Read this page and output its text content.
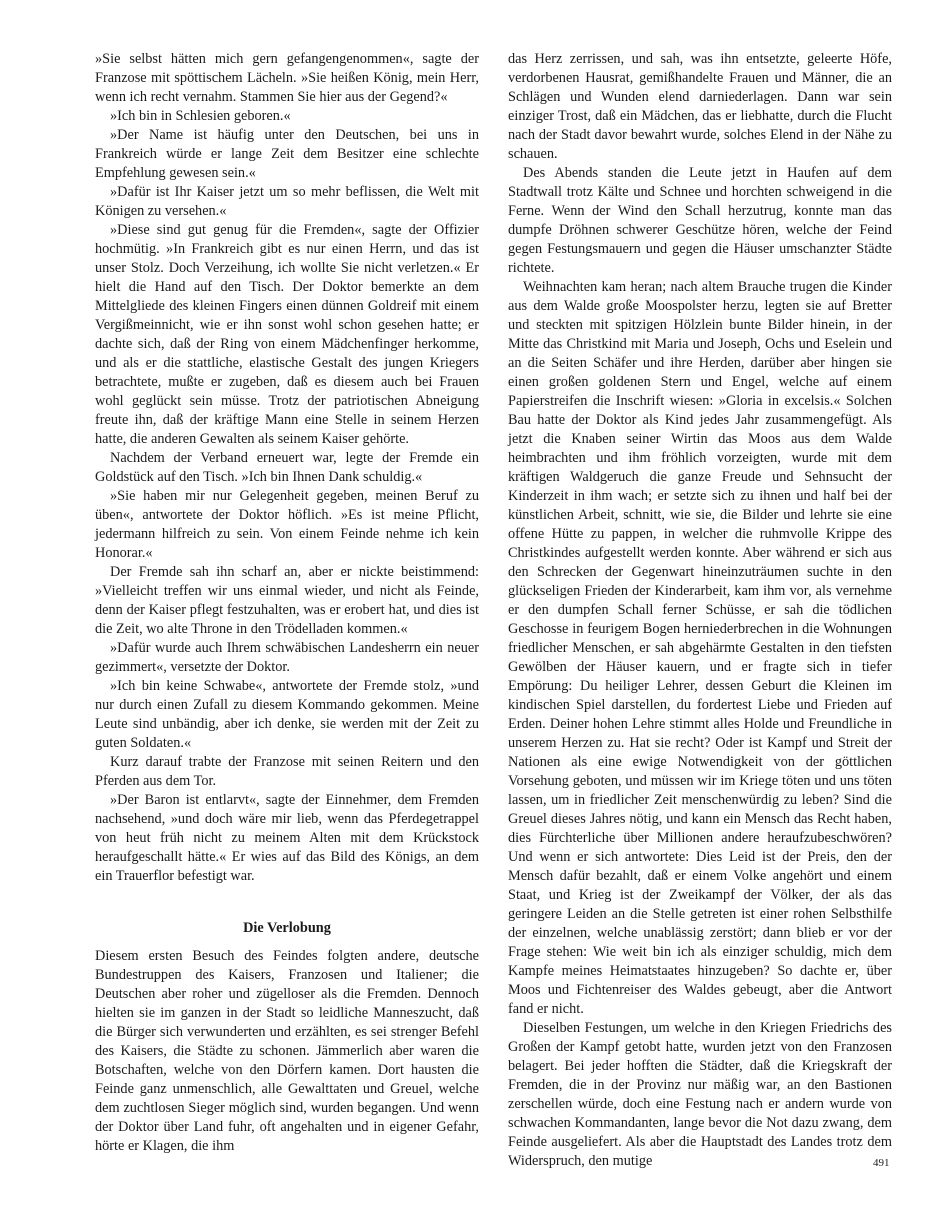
»Sie selbst hätten mich gern gefangengenommen«, sagte der Franzose mit spöttischem Lächeln. »Sie heißen König, mein Herr, wenn ich recht vernahm. Stammen Sie hier aus der Gegend?«

»Ich bin in Schlesien geboren.«

»Der Name ist häufig unter den Deutschen, bei uns in Frankreich würde er lange Zeit dem Besitzer eine schlechte Empfehlung gewesen sein.«

»Dafür ist Ihr Kaiser jetzt um so mehr beflissen, die Welt mit Königen zu versehen.«

»Diese sind gut genug für die Fremden«, sagte der Offizier hochmütig. »In Frankreich gibt es nur einen Herrn, und das ist unser Stolz. Doch Verzeihung, ich wollte Sie nicht verletzen.« Er hielt die Hand auf den Tisch. Der Doktor bemerkte an dem Mittelgliede des kleinen Fingers einen dünnen Goldreif mit einem Vergißmeinnicht, wie er ihn sonst wohl schon gesehen hatte; er dachte sich, daß der Ring von einem Mädchenfinger herkomme, und als er die stattliche, elastische Gestalt des jungen Kriegers betrachtete, mußte er zugeben, daß es diesem auch bei Frauen wohl geglückt sein müsse. Trotz der patriotischen Abneigung freute ihn, daß der kräftige Mann eine Stelle in seinem Herzen hatte, die anderen Gewalten als seinem Kaiser gehörte.

Nachdem der Verband erneuert war, legte der Fremde ein Goldstück auf den Tisch. »Ich bin Ihnen Dank schuldig.«

»Sie haben mir nur Gelegenheit gegeben, meinen Beruf zu üben«, antwortete der Doktor höflich. »Es ist meine Pflicht, jedermann hilfreich zu sein. Von einem Feinde nehme ich kein Honorar.«

Der Fremde sah ihn scharf an, aber er nickte beistimmend: »Vielleicht treffen wir uns einmal wieder, und nicht als Feinde, denn der Kaiser pflegt festzuhalten, was er erobert hat, und dies ist die Zeit, wo alte Throne in den Trödelladen kommen.«

»Dafür wurde auch Ihrem schwäbischen Landesherrn ein neuer gezimmert«, versetzte der Doktor.

»Ich bin keine Schwabe«, antwortete der Fremde stolz, »und nur durch einen Zufall zu diesem Kommando gekommen. Meine Leute sind unbändig, aber ich denke, sie werden mit der Zeit zu guten Soldaten.«

Kurz darauf trabte der Franzose mit seinen Reitern und den Pferden aus dem Tor.

»Der Baron ist entlarvt«, sagte der Einnehmer, dem Fremden nachsehend, »und doch wäre mir lieb, wenn das Pferdegetrappel von heut früh nicht zu meinem Alten mit dem Krückstock heraufgeschallt hätte.« Er wies auf das Bild des Königs, an dem ein Trauerflor befestigt war.

Die Verlobung

Diesem ersten Besuch des Feindes folgten andere, deutsche Bundestruppen des Kaisers, Franzosen und Italiener; die Deutschen aber roher und zügelloser als die Fremden. Dennoch hielten sie im ganzen in der Stadt so leidliche Manneszucht, daß die Bürger sich verwunderten und erzählten, es sei strenger Befehl des Kaisers, die Städte zu schonen. Jämmerlich aber waren die Botschaften, welche von den Dörfern kamen. Dort hausten die Feinde ganz unmenschlich, alle Gewalttaten und Greuel, welche dem zuchtlosen Sieger möglich sind, wurden begangen. Und wenn der Doktor über Land fuhr, oft angehalten und in eigener Gefahr, hörte er Klagen, die ihm

das Herz zerrissen, und sah, was ihn entsetzte, geleerte Höfe, verdorbenen Hausrat, gemißhandelte Frauen und Männer, die an Schlägen und Wunden elend darniederlagen. Dann war sein einziger Trost, daß ein Mädchen, das er liebhatte, durch die Flucht nach der Stadt davor bewahrt wurde, solches Elend in der Nähe zu schauen.

Des Abends standen die Leute jetzt in Haufen auf dem Stadtwall trotz Kälte und Schnee und horchten schweigend in die Ferne. Wenn der Wind den Schall herzutrug, konnte man das dumpfe Dröhnen schwerer Geschütze hören, welche der Feind gegen Festungsmauern und gegen die Häuser umschanzter Städte richtete.

Weihnachten kam heran; nach altem Brauche trugen die Kinder aus dem Walde große Moospolster herzu, legten sie auf Bretter und steckten mit spitzigen Hölzlein bunte Bilder hinein, in der Mitte das Christkind mit Maria und Joseph, Ochs und Eselein und an die Seiten Schäfer und ihre Herden, darüber aber hingen sie einen großen goldenen Stern und Engel, welche auf einem Papierstreifen die Inschrift wiesen: »Gloria in excelsis.« Solchen Bau hatte der Doktor als Kind jedes Jahr zusammengefügt. Als jetzt die Knaben seiner Wirtin das Moos aus dem Walde heimbrachten und ihm fröhlich vorzeigten, wurde mit dem kräftigen Waldgeruch die ganze Freude und Sehnsucht der Kinderzeit in ihm wach; er setzte sich zu ihnen und half bei der künstlichen Arbeit, schnitt, wie sie, die Bilder und lehrte sie eine offene Hütte zu pappen, in welcher die ruhmvolle Krippe des Christkindes aufgestellt werden konnte. Aber während er sich aus den Schrecken der Gegenwart hineinzuträumen suchte in den glückseligen Frieden der Kinderarbeit, kam ihm vor, als vernehme er den dumpfen Schall ferner Schüsse, er sah die tödlichen Geschosse in feurigem Bogen herniederbrechen in die Wohnungen friedlicher Menschen, er sah abgehärmte Gestalten in den tiefsten Gewölben der Häuser kauern, und er fragte sich in tiefer Empörung: Du heiliger Lehrer, dessen Geburt die Kleinen im kindischen Spiel darstellen, du fordertest Liebe und Frieden auf Erden. Deiner hohen Lehre stimmt alles Holde und Freundliche in unserem Herzen zu. Hat sie recht? Oder ist Kampf und Streit der Nationen als eine ewige Notwendigkeit von der göttlichen Vorsehung geboten, und müssen wir im Kriege töten und uns töten lassen, um in friedlicher Zeit menschenwürdig zu leben? Sind die Greuel dieses Jahres nötig, und kann ein Mensch das Recht haben, dies Fürchterliche über Millionen andere heraufzubeschwören? Und wenn er sich antwortete: Dies Leid ist der Preis, den der Mensch dafür bezahlt, daß er einem Volke angehört und einem Staat, und Krieg ist der Zweikampf der Völker, der als das geringere Leiden an die Stelle getreten ist einer rohen Selbsthilfe der einzelnen, welche unablässig zerstört; dann blieb er vor der Frage stehen: Wie weit bin ich als einziger schuldig, mich dem Kampfe meines Heimatstaates hinzugeben? So dachte er, über Moos und Fichtenreiser des Waldes gebeugt, aber die Antwort fand er nicht.

Dieselben Festungen, um welche in den Kriegen Friedrichs des Großen der Kampf getobt hatte, wurden jetzt von den Franzosen belagert. Bei jeder hofften die Städter, daß die Kriegskraft der Fremden, die in der Provinz nur mäßig war, an den Bastionen zerschellen würde, doch eine Festung nach er andern wurde von schwachen Kommandanten, lange bevor die Not dazu zwang, dem Feinde ausgeliefert. Als aber die Hauptstadt des Landes trotz dem Widerspruch, den mutige	491
